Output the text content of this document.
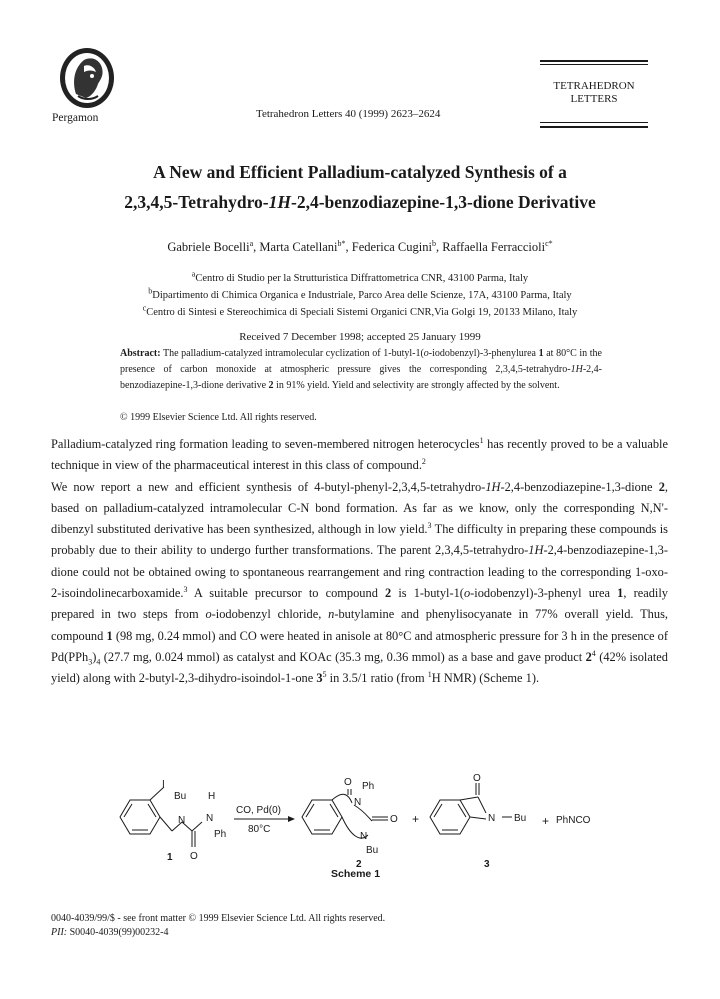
Pergamon	Tetrahedron Letters 40 (1999) 2623–2624
TETRAHEDRON
LETTERS
A New and Efficient Palladium-catalyzed Synthesis of a
2,3,4,5-Tetrahydro-1H-2,4-benzodiazepine-1,3-dione Derivative
Gabriele Bocelli$^a$, Marta Catellani$^{b*}$, Federica Cugini$^b$, Raffaella Ferraccioli$^{c*}$
$^a$Centro di Studio per la Strutturistica Diffrattometrica CNR, 43100 Parma, Italy
$^b$Dipartimento di Chimica Organica e Industriale, Parco Area delle Scienze, 17A, 43100 Parma, Italy
$^c$Centro di Sintesi e Stereochimica di Speciali Sistemi Organici CNR,Via Golgi 19, 20133 Milano, Italy
Received 7 December 1998; accepted 25 January 1999
Abstract: The palladium-catalyzed intramolecular cyclization of 1-butyl-1(o-iodobenzyl)-3-phenylurea 1 at 80°C in the presence of carbon monoxide at atmospheric pressure gives the corresponding 2,3,4,5-tetrahydro-1H-2,4-benzodiazepine-1,3-dione derivative 2 in 91% yield. Yield and selectivity are strongly affected by the solvent.
© 1999 Elsevier Science Ltd. All rights reserved.

Palladium-catalyzed ring formation leading to seven-membered nitrogen heterocycles$^1$ has recently proved to be a valuable technique in view of the pharmaceutical interest in this class of compound.$^2$

We now report a new and efficient synthesis of 4-butyl-phenyl-2,3,4,5-tetrahydro-1H-2,4-benzodiazepine-1,3-dione 2, based on palladium-catalyzed intramolecular C-N bond formation. As far as we know, only the corresponding N,N'-dibenzyl substituted derivative has been synthesized, although in low yield.$^3$ The difficulty in preparing these compounds is probably due to their ability to undergo further transformations. The parent 2,3,4,5-tetrahydro-1H-2,4-benzodiazepine-1,3-dione could not be obtained owing to spontaneous rearrangement and ring contraction leading to the corresponding 1-oxo-2-isoindolinecarboxamide.$^3$ A suitable precursor to compound 2 is 1-butyl-1(o-iodobenzyl)-3-phenyl urea 1, readily prepared in two steps from o-iodobenzyl chloride, n-butylamine and phenylisocyanate in 77% overall yield. Thus, compound 1 (98 mg, 0.24 mmol) and CO were heated in anisole at 80°C and atmospheric pressure for 3 h in the presence of $Pd(PPh_3)_4$ (27.7 mg, 0.024 mmol) as catalyst and KOAc (35.3 mg, 0.36 mmol) as a base and gave product $2^4$ (42% isolated yield) along with 2-butyl-2,3-dihydro-isoindol-1-one $3^5$ in 3.5/1 ratio (from $^1$H NMR) (Scheme 1).

I
Bu H
N N
Ph
O
1
CO, Pd(0)
80°C
O Ph
N
O
N
Bu
2
+
O
N Bu
3
+ PhNCO
Scheme 1
0040-4039/99/$ - see front matter © 1999 Elsevier Science Ltd. All rights reserved.
PII: S0040-4039(99)00232-4
